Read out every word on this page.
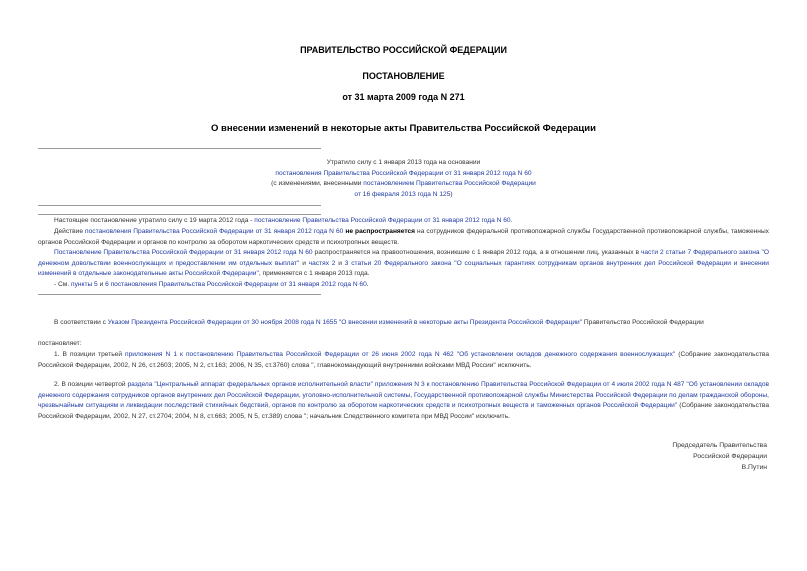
ПРАВИТЕЛЬСТВО РОССИЙСКОЙ ФЕДЕРАЦИИ
ПОСТАНОВЛЕНИЕ
от 31 марта 2009 года N 271
О внесении изменений в некоторые акты Правительства Российской Федерации
Утратило силу с 1 января 2013 года на основании
постановления Правительства Российской Федерации от 31 января 2012 года N 60
(с изменениями, внесенными постановлением Правительства Российской Федерации
от 16 февраля 2013 года N 125)
Настоящее постановление утратило силу с 19 марта 2012 года - постановление Правительства Российской Федерации от 31 января 2012 года N 60.
Действие постановления Правительства Российской Федерации от 31 января 2012 года N 60 не распространяется на сотрудников федеральной противопожарной службы Государственной противопожарной службы, таможенных органов Российской Федерации и органов по контролю за оборотом наркотических средств и психотропных веществ.
Постановление Правительства Российской Федерации от 31 января 2012 года N 60 распространяется на правоотношения, возникшие с 1 января 2012 года, а в отношении лиц, указанных в части 2 статьи 7 Федерального закона "О денежном довольствии военнослужащих и предоставлении им отдельных выплат" и частях 2 и 3 статьи 20 Федерального закона "О социальных гарантиях сотрудникам органов внутренних дел Российской Федерации и внесении изменений в отдельные законодательные акты Российской Федерации", применяется с 1 января 2013 года.
- См. пункты 5 и 6 постановления Правительства Российской Федерации от 31 января 2012 года N 60.
В соответствии с Указом Президента Российской Федерации от 30 ноября 2008 года N 1655 "О внесении изменений в некоторые акты Президента Российской Федерации" Правительство Российской Федерации
постановляет:
1. В позиции третьей приложения N 1 к постановлению Правительства Российской Федерации от 26 июня 2002 года N 462 "Об установлении окладов денежного содержания военнослужащих" (Собрание законодательства Российской Федерации, 2002, N 26, ст.2603; 2005, N 2, ст.163; 2006, N 35, ст.3760) слова ", главнокомандующий внутренними войсками МВД России" исключить.
2. В позиции четвертой раздела "Центральный аппарат федеральных органов исполнительной власти" приложения N 3 к постановлению Правительства Российской Федерации от 4 июля 2002 года N 487 "Об установлении окладов денежного содержания сотрудников органов внутренних дел Российской Федерации, уголовно-исполнительной системы, Государственной противопожарной службы Министерства Российской Федерации по делам гражданской обороны, чрезвычайным ситуациям и ликвидации последствий стихийных бедствий, органов по контролю за оборотом наркотических средств и психотропных веществ и таможенных органов Российской Федерации" (Собрание законодательства Российской Федерации, 2002, N 27, ст.2704; 2004, N 8, ст.663; 2005, N 5, ст.389) слова "; начальник Следственного комитета при МВД России" исключить.
Председатель Правительства
Российской Федерации
В.Путин
